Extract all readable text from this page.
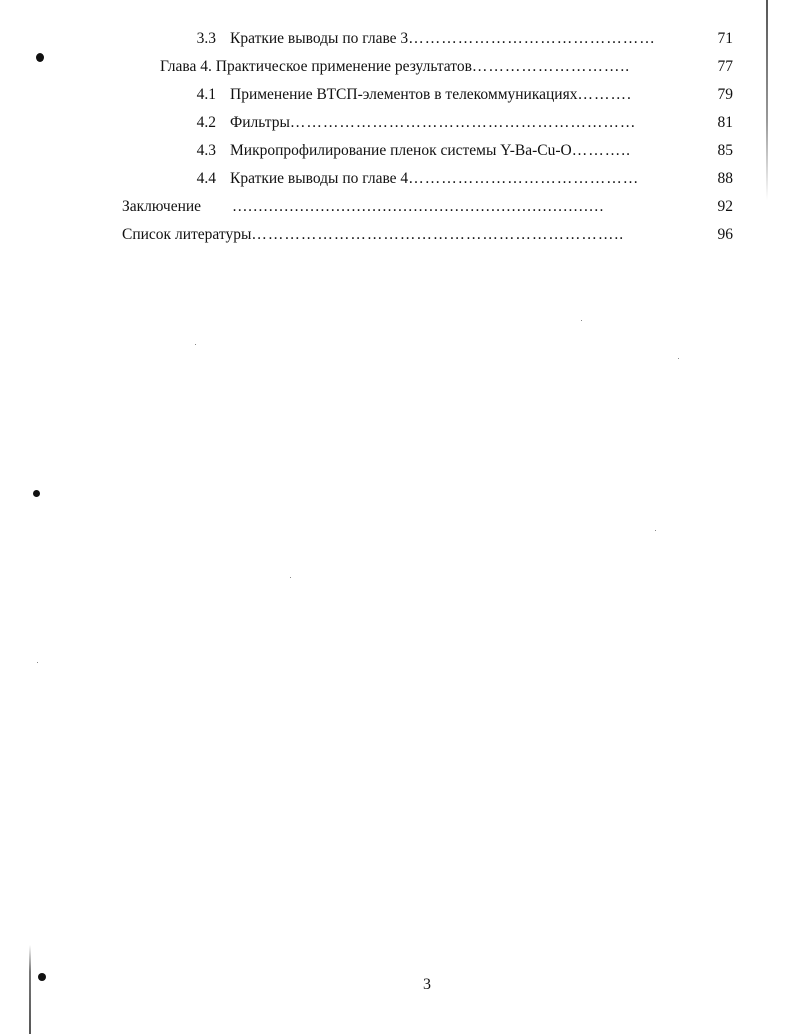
3.3 Краткие выводы по главе 3………………………………………	71
Глава 4. Практическое применение результатов………………………..	77
4.1 Применение ВТСП-элементов в телекоммуникациях……….	79
4.2 Фильтры………………………………………………………	81
4.3 Микропрофилирование пленок системы Y-Ba-Cu-O………..	85
4.4 Краткие выводы по главе 4……………………………………	88
Заключение	………………………………………………………………	92
Список литературы…………………………………………………………..	96
3
